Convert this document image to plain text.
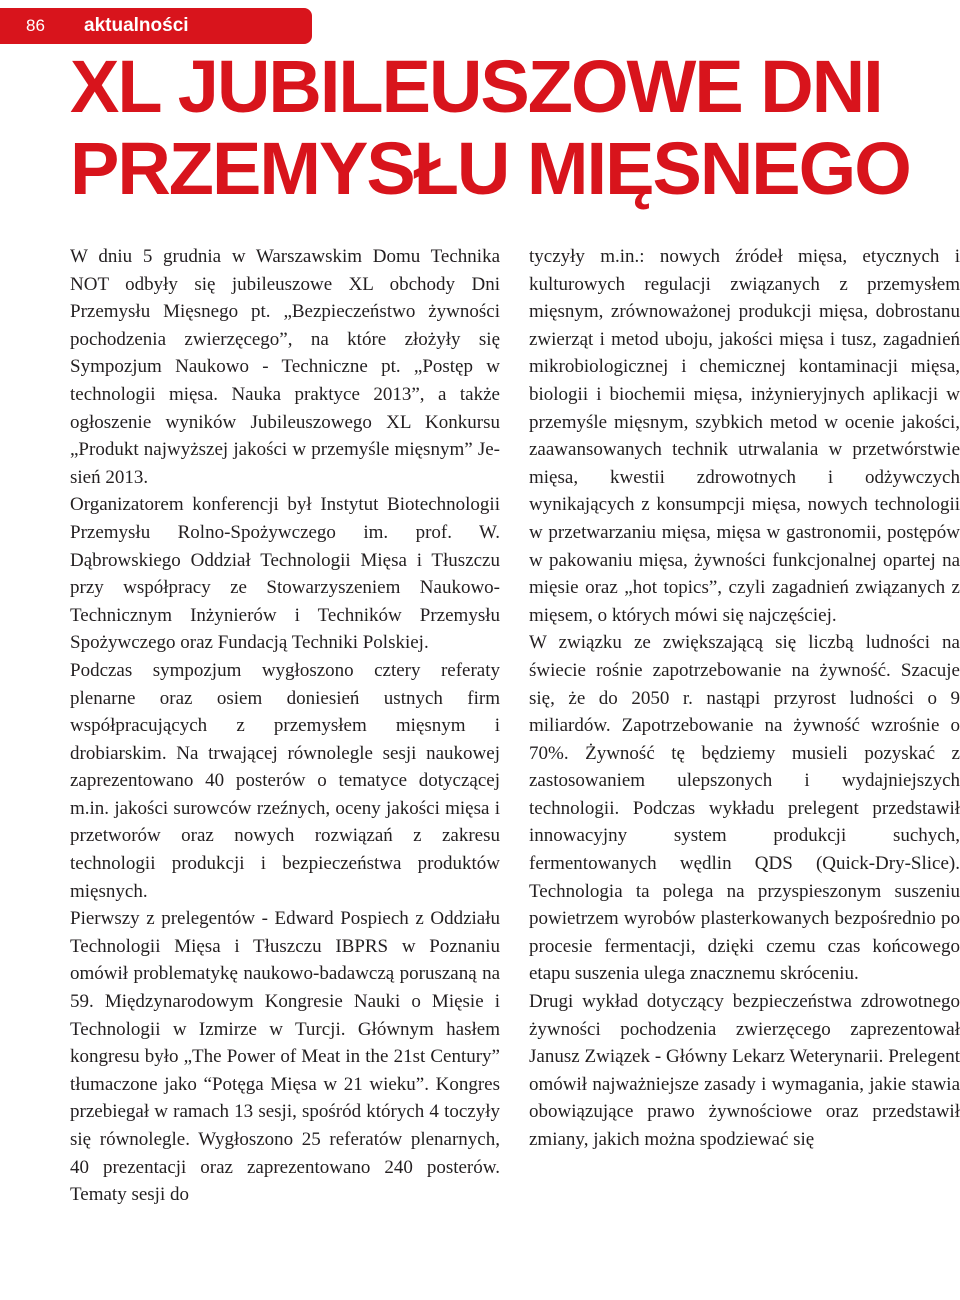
86 aktualności
XL JUBILEUSZOWE DNI
PRZEMYSŁU MIĘSNEGO

W dniu 5 grudnia w Warszawskim Domu Technika NOT odbyły się jubileuszowe XL obchody Dni Przemysłu Mięsnego pt. „Bezpieczeństwo żywności pochodzenia zwierzęcego”, na które złożyły się Sympozjum Naukowo - Techniczne pt. „Postęp w technologii mięsa. Nauka praktyce 2013”, a także ogłoszenie wyników Jubileuszowego XL Konkursu „Produkt najwyższej jakości w przemyśle mięsnym” Jesień 2013.

Organizatorem konferencji był Instytut Biotechnologii Przemysłu Rolno-Spożywczego im. prof. W. Dąbrowskiego Oddział Technologii Mięsa i Tłuszczu przy współpracy ze Stowarzyszeniem Naukowo-Technicznym Inżynierów i Techników Przemysłu Spożywczego oraz Fundacją Techniki Polskiej.

Podczas sympozjum wygłoszono cztery referaty plenarne oraz osiem doniesień ustnych firm współpracujących z przemysłem mięsnym i drobiarskim. Na trwającej równolegle sesji naukowej zaprezentowano 40 posterów o tematyce dotyczącej m.in. jakości surowców rzeźnych, oceny jakości mięsa i przetworów oraz nowych rozwiązań z zakresu technologii produkcji i bezpieczeństwa produktów mięsnych.

Pierwszy z prelegentów - Edward Pospiech z Oddziału Technologii Mięsa i Tłuszczu IBPRS w Poznaniu omówił problematykę naukowo-badawczą poruszaną na 59. Międzynarodowym Kongresie Nauki o Mięsie i Technologii w Izmirze w Turcji. Głównym hasłem kongresu było „The Power of Meat in the 21st Century” tłumaczone jako “Potęga Mięsa w 21 wieku”. Kongres przebiegał w ramach 13 sesji, spośród których 4 toczyły się równolegle. Wygłoszono 25 referatów plenarnych, 40 prezentacji oraz zaprezentowano 240 posterów. Tematy sesji do

tyczyły m.in.: nowych źródeł mięsa, etycznych i kulturowych regulacji związanych z przemysłem mięsnym, zrównoważonej produkcji mięsa, dobrostanu zwierząt i metod uboju, jakości mięsa i tusz, zagadnień mikrobiologicznej i chemicznej kontaminacji mięsa, biologii i biochemii mięsa, inżynieryjnych aplikacji w przemyśle mięsnym, szybkich metod w ocenie jakości, zaawansowanych technik utrwalania w przetwórstwie mięsa, kwestii zdrowotnych i odżywczych wynikających z konsumpcji mięsa, nowych technologii w przetwarzaniu mięsa, mięsa w gastronomii, postępów w pakowaniu mięsa, żywności funkcjonalnej opartej na mięsie oraz „hot topics”, czyli zagadnień związanych z mięsem, o których mówi się najczęściej.

W związku ze zwiększającą się liczbą ludności na świecie rośnie zapotrzebowanie na żywność. Szacuje się, że do 2050 r. nastąpi przyrost ludności o 9 miliardów. Zapotrzebowanie na żywność wzrośnie o 70%. Żywność tę będziemy musieli pozyskać z zastosowaniem ulepszonych i wydajniejszych technologii. Podczas wykładu prelegent przedstawił innowacyjny system produkcji suchych, fermentowanych wędlin QDS (Quick-Dry-Slice). Technologia ta polega na przyspieszonym suszeniu powietrzem wyrobów plasterkowanych bezpośrednio po procesie fermentacji, dzięki czemu czas końcowego etapu suszenia ulega znacznemu skróceniu.

Drugi wykład dotyczący bezpieczeństwa zdrowotnego żywności pochodzenia zwierzęcego zaprezentował Janusz Związek - Główny Lekarz Weterynarii. Prelegent omówił najważniejsze zasady i wymagania, jakie stawia obowiązujące prawo żywnościowe oraz przedstawił zmiany, jakich można spodziewać się
